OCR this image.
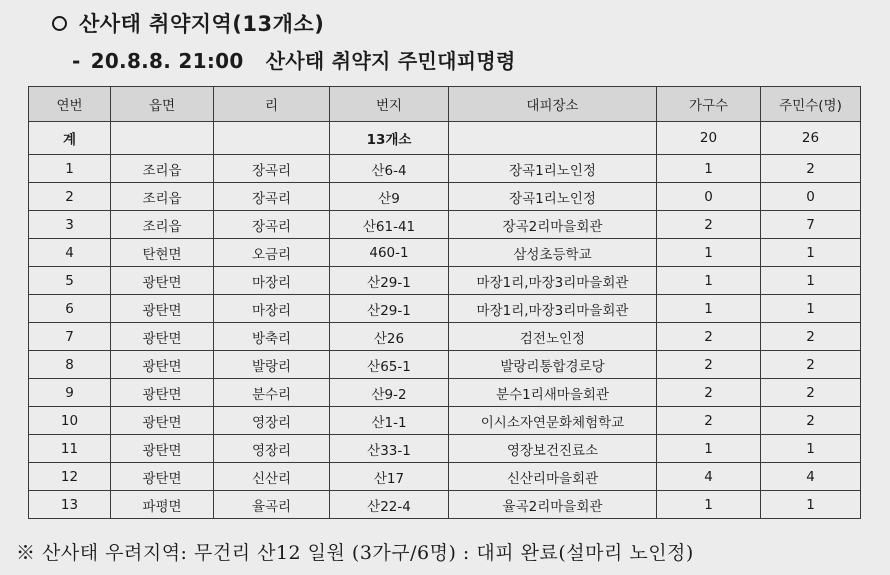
산사태 취약지역(13개소)
- 20.8.8. 21:00 산사태 취약지 주민대피명령
연번	읍면	리	번지	대피장소	가구수	주민수(명)
계			13개소		20	26
1	조리읍	장곡리	산6-4	장곡1리노인정	1	2
2	조리읍	장곡리	산9	장곡1리노인정	0	0
3	조리읍	장곡리	산61-41	장곡2리마을회관	2	7
4	탄현면	오금리	460-1	삼성초등학교	1	1
5	광탄면	마장리	산29-1	마장1리,마장3리마을회관	1	1
6	광탄면	마장리	산29-1	마장1리,마장3리마을회관	1	1
7	광탄면	방축리	산26	검전노인정	2	2
8	광탄면	발랑리	산65-1	발랑리통합경로당	2	2
9	광탄면	분수리	산9-2	분수1리새마을회관	2	2
10	광탄면	영장리	산1-1	이시소자연문화체험학교	2	2
11	광탄면	영장리	산33-1	영장보건진료소	1	1
12	광탄면	신산리	산17	신산리마을회관	4	4
13	파평면	율곡리	산22-4	율곡2리마을회관	1	1
※ 산사태 우려지역: 무건리 산12 일원 (3가구/6명) : 대피 완료(설마리 노인정)
